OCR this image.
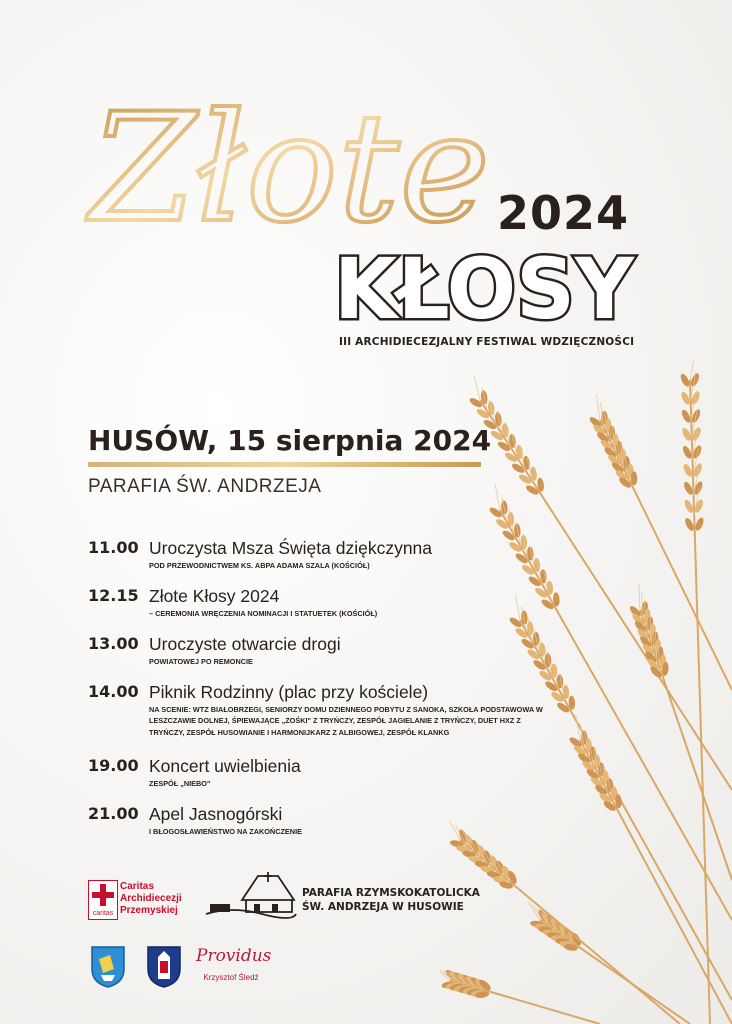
Złote 2024
KŁOSY
III ARCHIDIECEZJALNY FESTIWAL WDZIĘCZNOŚCI
HUSÓW, 15 sierpnia 2024
PARAFIA ŚW. ANDRZEJA
11.00 Uroczysta Msza Święta dziękczynna
POD PRZEWODNICTWEM KS. ABPA ADAMA SZALA (KOŚCIÓŁ)
12.15 Złote Kłosy 2024
– CEREMONIA WRĘCZENIA NOMINACJI I STATUETEK (KOŚCIÓŁ)
13.00 Uroczyste otwarcie drogi
POWIATOWEJ PO REMONCIE
14.00 Piknik Rodzinny (plac przy kościele)
NA SCENIE: WTZ BIAŁOBRZEGI, SENIORZY DOMU DZIENNEGO POBYTU Z SANOKA, SZKOŁA PODSTAWOWA W LESZCZAWIE DOLNEJ, ŚPIEWAJĄCE „ZOŚKI" Z TRYŃCZY, ZESPÓŁ JAGIELANIE Z TRYŃCZY, DUET HXZ Z TRYŃCZY, ZESPÓŁ HUSOWIANIE I HARMONIJKARZ Z ALBIGOWEJ, ZESPÓŁ KLANKG
19.00 Koncert uwielbienia
ZESPÓŁ „NIEBO"
21.00 Apel Jasnogórski
I BŁOGOSŁAWIEŃSTWO NA ZAKOŃCZENIE
caritas
Caritas
Archidiecezji
Przemyskiej
PARAFIA RZYMSKOKATOLICKA
ŚW. ANDRZEJA W HUSOWIE
Providus
Krzysztof Śledź
